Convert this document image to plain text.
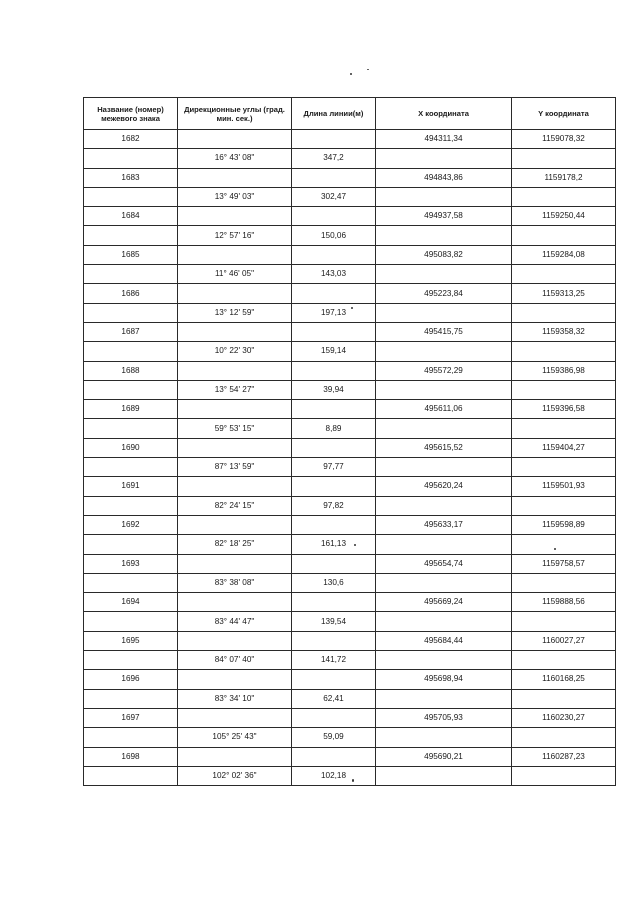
Название (номер) межевого знака	Дирекционные углы (град. мин. сек.)	Длина линии(м)	X координата	Y координата
1682			494311,34	1159078,32
	16° 43' 08"	347,2		
1683			494843,86	1159178,2
	13° 49' 03"	302,47		
1684			494937,58	1159250,44
	12° 57' 16"	150,06		
1685			495083,82	1159284,08
	11° 46' 05"	143,03		
1686			495223,84	1159313,25
	13° 12' 59"	197,13		
1687			495415,75	1159358,32
	10° 22' 30"	159,14		
1688			495572,29	1159386,98
	13° 54' 27"	39,94		
1689			495611,06	1159396,58
	59° 53' 15"	8,89		
1690			495615,52	1159404,27
	87° 13' 59"	97,77		
1691			495620,24	1159501,93
	82° 24' 15"	97,82		
1692			495633,17	1159598,89
	82° 18' 25"	161,13		
1693			495654,74	1159758,57
	83° 38' 08"	130,6		
1694			495669,24	1159888,56
	83° 44' 47"	139,54		
1695			495684,44	1160027,27
	84° 07' 40"	141,72		
1696			495698,94	1160168,25
	83° 34' 10"	62,41		
1697			495705,93	1160230,27
	105° 25' 43"	59,09		
1698			495690,21	1160287,23
	102° 02' 36"	102,18		
